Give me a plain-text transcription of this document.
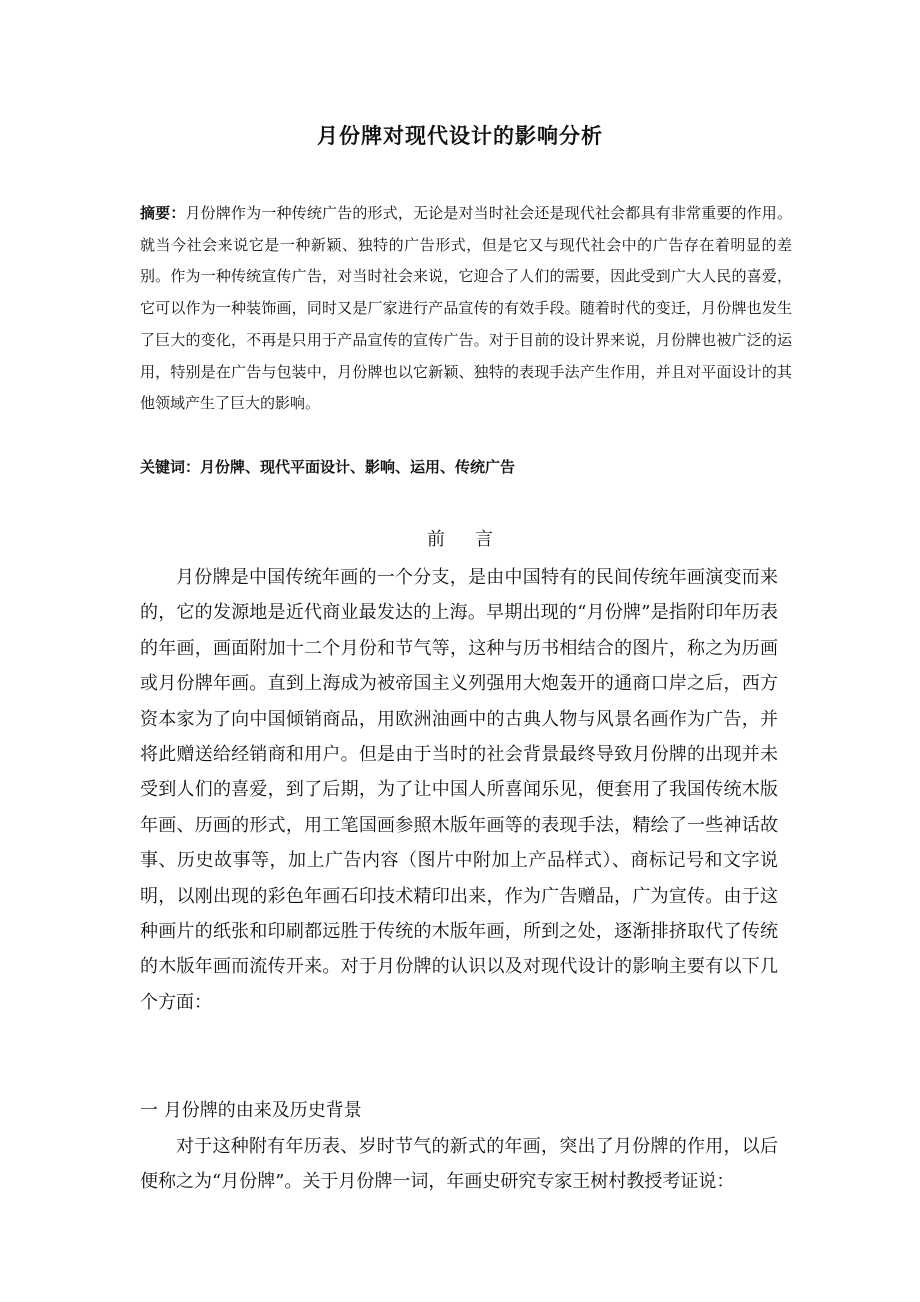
月份牌对现代设计的影响分析
摘要：月份牌作为一种传统广告的形式，无论是对当时社会还是现代社会都具有非常重要的作用。就当今社会来说它是一种新颖、独特的广告形式，但是它又与现代社会中的广告存在着明显的差别。作为一种传统宣传广告，对当时社会来说，它迎合了人们的需要，因此受到广大人民的喜爱，它可以作为一种装饰画，同时又是厂家进行产品宣传的有效手段。随着时代的变迁，月份牌也发生了巨大的变化，不再是只用于产品宣传的宣传广告。对于目前的设计界来说，月份牌也被广泛的运用，特别是在广告与包装中，月份牌也以它新颖、独特的表现手法产生作用，并且对平面设计的其他领域产生了巨大的影响。
关键词：月份牌、现代平面设计、影响、运用、传统广告
前言

月份牌是中国传统年画的一个分支，是由中国特有的民间传统年画演变而来的，它的发源地是近代商业最发达的上海。早期出现的“月份牌”是指附印年历表的年画，画面附加十二个月份和节气等，这种与历书相结合的图片，称之为历画或月份牌年画。直到上海成为被帝国主义列强用大炮轰开的通商口岸之后，西方资本家为了向中国倾销商品，用欧洲油画中的古典人物与风景名画作为广告，并将此赠送给经销商和用户。但是由于当时的社会背景最终导致月份牌的出现并未受到人们的喜爱，到了后期，为了让中国人所喜闻乐见，便套用了我国传统木版年画、历画的形式，用工笔国画参照木版年画等的表现手法，精绘了一些神话故事、历史故事等，加上广告内容（图片中附加上产品样式）、商标记号和文字说明，以刚出现的彩色年画石印技术精印出来，作为广告赠品，广为宣传。由于这种画片的纸张和印刷都远胜于传统的木版年画，所到之处，逐渐排挤取代了传统的木版年画而流传开来。对于月份牌的认识以及对现代设计的影响主要有以下几个方面：

一 月份牌的由来及历史背景

对于这种附有年历表、岁时节气的新式的年画，突出了月份牌的作用，以后便称之为“月份牌”。关于月份牌一词，年画史研究专家王树村教授考证说：
